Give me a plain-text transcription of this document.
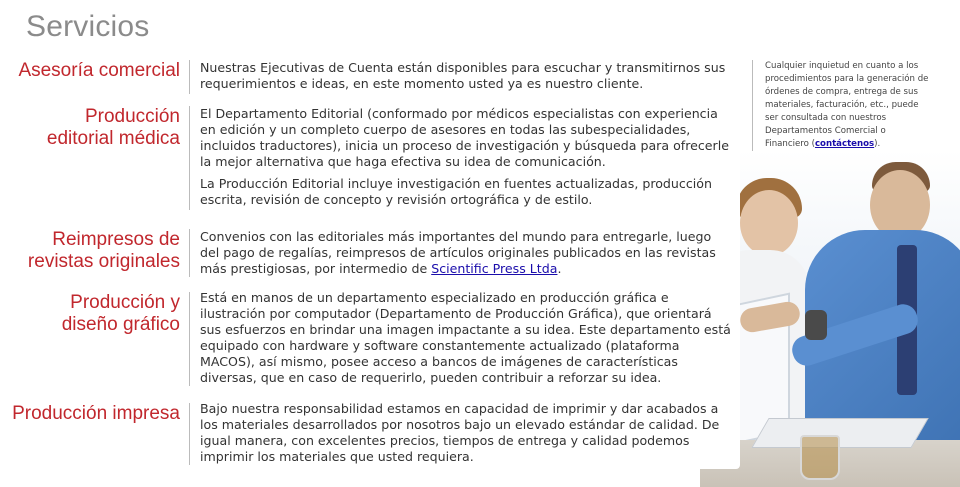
Servicios
Asesoría comercial Nuestras Ejecutivas de Cuenta están disponibles para escuchar y transmitirnos sus requerimientos e ideas, en este momento usted ya es nuestro cliente.

Producción
editorial médica

El Departamento Editorial (conformado por médicos especialistas con experiencia en edición y un completo cuerpo de asesores en todas las subespecialidades, incluidos traductores), inicia un proceso de investigación y búsqueda para ofrecerle la mejor alternativa que haga efectiva su idea de comunicación.

La Producción Editorial incluye investigación en fuentes actualizadas, producción escrita, revisión de concepto y revisión ortográfica y de estilo.

Reimpresos de
revistas originales

Convenios con las editoriales más importantes del mundo para entregarle, luego del pago de regalías, reimpresos de artículos originales publicados en las revistas más prestigiosas, por intermedio de Scientific Press Ltda.

Producción y
diseño gráfico

Está en manos de un departamento especializado en producción gráfica e ilustración por computador (Departamento de Producción Gráfica), que orientará sus esfuerzos en brindar una imagen impactante a su idea. Este departamento está equipado con hardware y software constantemente actualizado (plataforma MACOS), así mismo, posee acceso a bancos de imágenes de características diversas, que en caso de requerirlo, pueden contribuir a reforzar su idea.

Producción impresa Bajo nuestra responsabilidad estamos en capacidad de imprimir y dar acabados a los materiales desarrollados por nosotros bajo un elevado estándar de calidad. De igual manera, con excelentes precios, tiempos de entrega y calidad podemos imprimir los materiales que usted requiera.

Cualquier inquietud en cuanto a los procedimientos para la generación de órdenes de compra, entrega de sus materiales, facturación, etc., puede ser consultada con nuestros Departamentos Comercial o Financiero (contáctenos).
